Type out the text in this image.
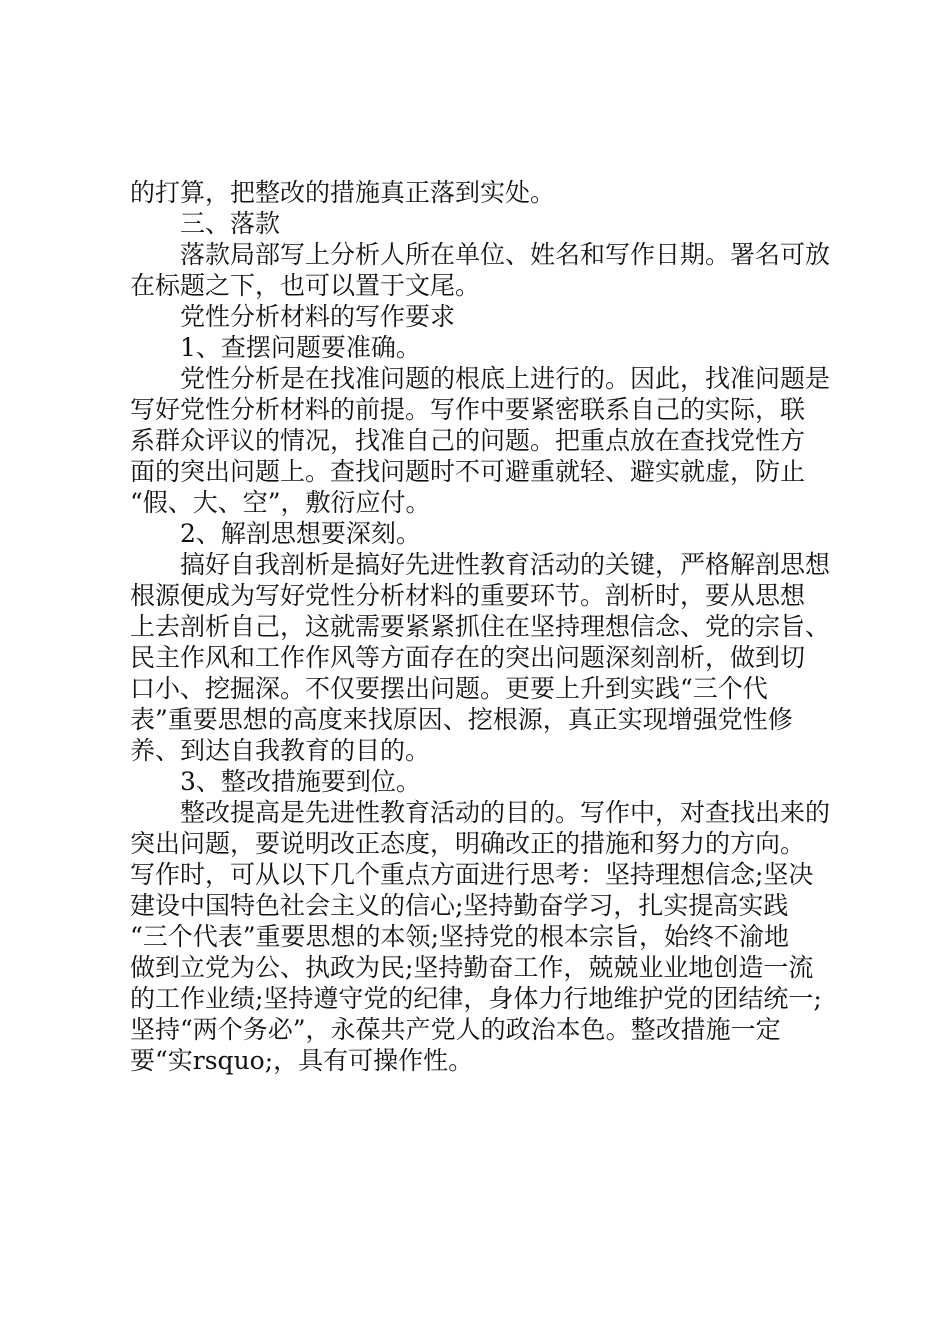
的打算，把整改的措施真正落到实处。
　　三、落款
　　落款局部写上分析人所在单位、姓名和写作日期。署名可放
在标题之下，也可以置于文尾。
　　党性分析材料的写作要求
　　1、查摆问题要准确。
　　党性分析是在找准问题的根底上进行的。因此，找准问题是
写好党性分析材料的前提。写作中要紧密联系自己的实际，联
系群众评议的情况，找准自己的问题。把重点放在查找党性方
面的突出问题上。查找问题时不可避重就轻、避实就虚，防止
“假、大、空”，敷衍应付。
　　2、解剖思想要深刻。
　　搞好自我剖析是搞好先进性教育活动的关键，严格解剖思想
根源便成为写好党性分析材料的重要环节。剖析时，要从思想
上去剖析自己，这就需要紧紧抓住在坚持理想信念、党的宗旨、
民主作风和工作作风等方面存在的突出问题深刻剖析，做到切
口小、挖掘深。不仅要摆出问题。更要上升到实践“三个代
表”重要思想的高度来找原因、挖根源，真正实现增强党性修
养、到达自我教育的目的。
　　3、整改措施要到位。
　　整改提高是先进性教育活动的目的。写作中，对查找出来的
突出问题，要说明改正态度，明确改正的措施和努力的方向。
写作时，可从以下几个重点方面进行思考：坚持理想信念;坚决
建设中国特色社会主义的信心;坚持勤奋学习，扎实提高实践
“三个代表”重要思想的本领;坚持党的根本宗旨，始终不渝地
做到立党为公、执政为民;坚持勤奋工作，兢兢业业地创造一流
的工作业绩;坚持遵守党的纪律，身体力行地维护党的团结统一;
坚持“两个务必”，永葆共产党人的政治本色。整改措施一定
要“实rsquo;，具有可操作性。
